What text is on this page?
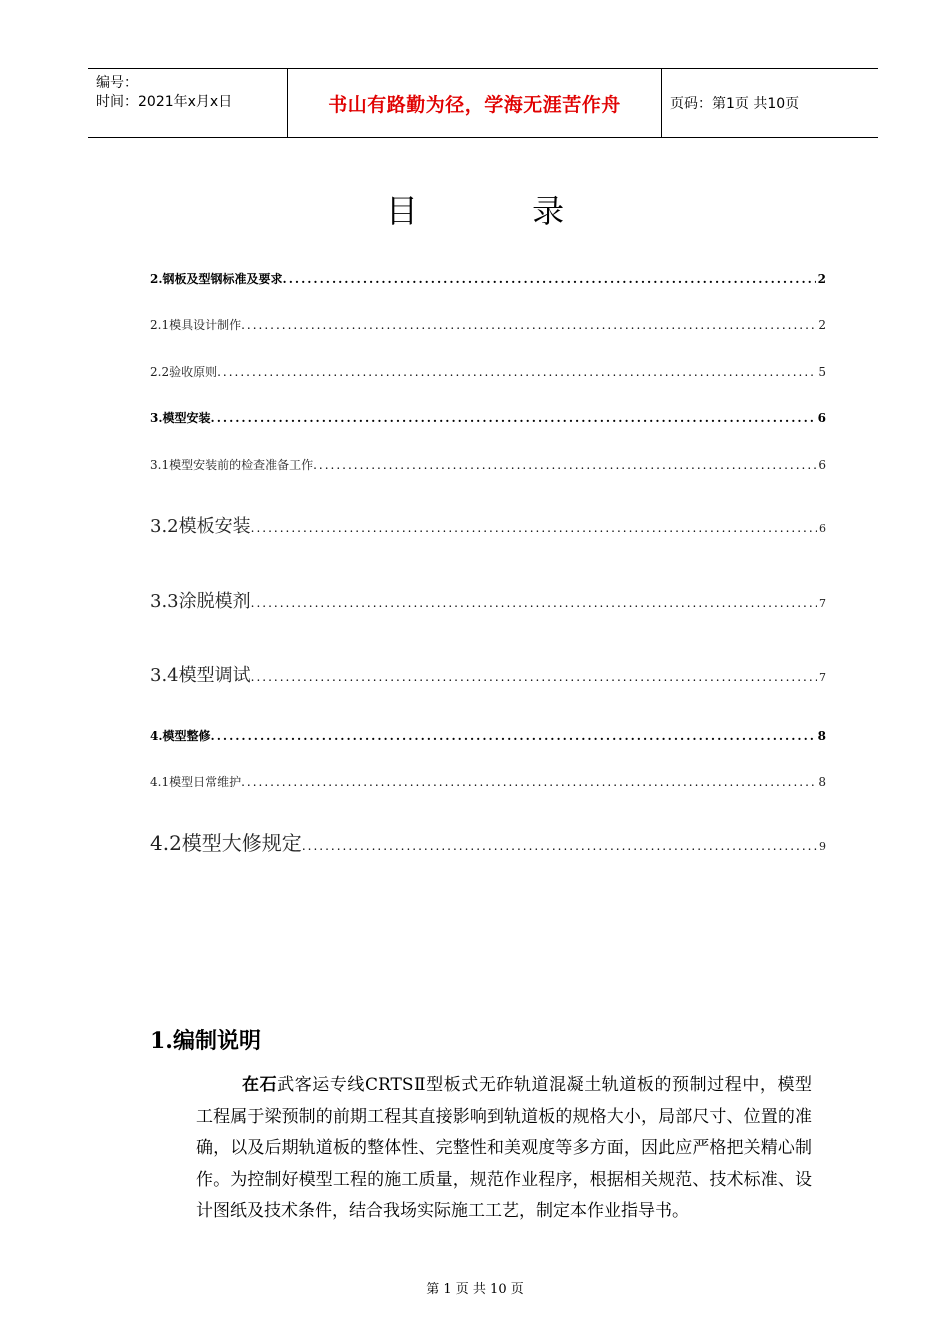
编号：
时间：2021年x月x日	书山有路勤为径，学海无涯苦作舟	页码：第1页 共10页
目 录
2.钢板及型钢标准及要求 .....	2
2.1模具设计制作 .....	2
2.2验收原则 .....	5
3.模型安装 .....	6
3.1模型安装前的检查准备工作 .....	6
3.2模板安装 .....	6
3.3涂脱模剂 .....	7
3.4模型调试 .....	7
4.模型整修 .....	8
4.1模型日常维护 .....	8
4.2模型大修规定 .....	9
1.编制说明
在石武客运专线CRTSⅡ型板式无砟轨道混凝土轨道板的预制过程中，模型工程属于梁预制的前期工程其直接影响到轨道板的规格大小，局部尺寸、位置的准确，以及后期轨道板的整体性、完整性和美观度等多方面，因此应严格把关精心制作。为控制好模型工程的施工质量，规范作业程序，根据相关规范、技术标准、设计图纸及技术条件，结合我场实际施工工艺，制定本作业指导书。
第 1 页 共 10 页
